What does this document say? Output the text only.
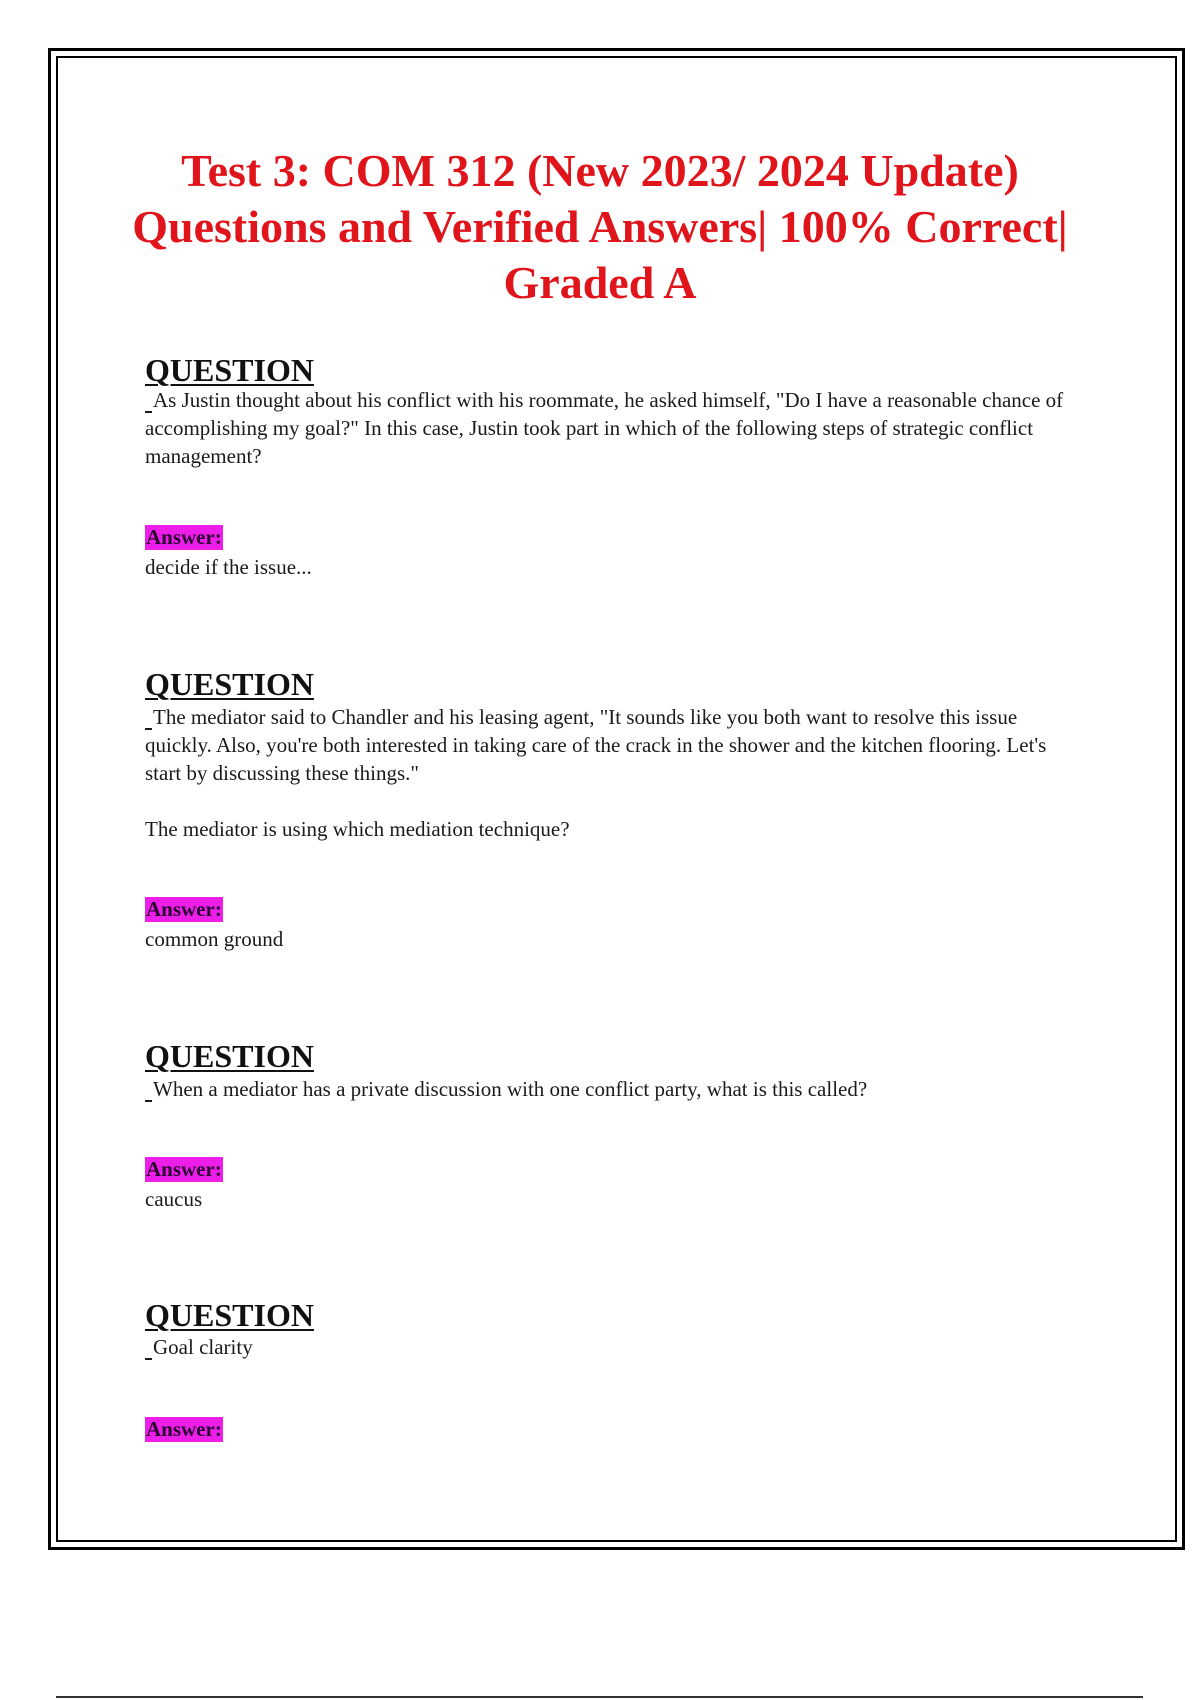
Test 3: COM 312 (New 2023/ 2024 Update) Questions and Verified Answers| 100% Correct| Graded A
QUESTION

As Justin thought about his conflict with his roommate, he asked himself, "Do I have a reasonable chance of accomplishing my goal?" In this case, Justin took part in which of the following steps of strategic conflict management?

Answer:

decide if the issue...

QUESTION

The mediator said to Chandler and his leasing agent, "It sounds like you both want to resolve this issue quickly. Also, you're both interested in taking care of the crack in the shower and the kitchen flooring. Let's start by discussing these things."

The mediator is using which mediation technique?

Answer:

common ground

QUESTION

When a mediator has a private discussion with one conflict party, what is this called?

Answer:

caucus

QUESTION

Goal clarity

Answer:
